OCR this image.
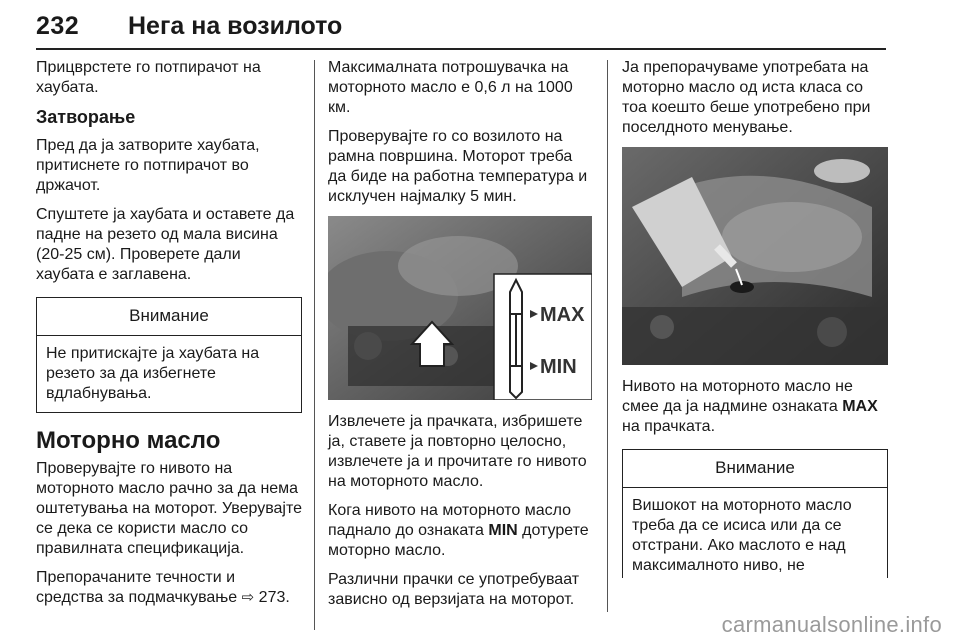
232 Нега на возилото

Прицврстете го потпирачот на хаубата.

Затворање

Пред да ја затворите хаубата, притиснете го потпирачот во држачот.

Спуштете ја хаубата и оставете да падне на резето од мала висина (20-25 см). Проверете дали хаубата е заглавена.

Внимание
Не притискајте ја хаубата на резето за да избегнете вдлабнувања.
Моторно масло

Проверувајте го нивото на моторното масло рачно за да нема оштетувања на моторот. Уверувајте се дека се користи масло со правилната спецификација.

Препорачаните течности и средства за подмачкување ⇨ 273.

Максималната потрошувачка на моторното масло е 0,6 л на 1000 км.

Проверувајте го со возилото на рамна површина. Моторот треба да биде на работна температура и исклучен најмалку 5 мин.

MAX
MIN

Извлечете ја прачката, избришете ја, ставете ја повторно целосно, извлечете ја и прочитате го нивото на моторното масло.

Кога нивото на моторното масло паднало до ознаката MIN дотурете моторно масло.

Различни прачки се употребуваат зависно од верзијата на моторот.

Ја препорачуваме употребата на моторно масло од иста класа со тоа коешто беше употребено при поселдното менување.

Нивото на моторното масло не смее да ја надмине ознаката MAX на прачката.

Внимание
Вишокот на моторното масло треба да се исиса или да се отстрани. Ако маслото е над максималното ниво, не
carmanualsonline.info
